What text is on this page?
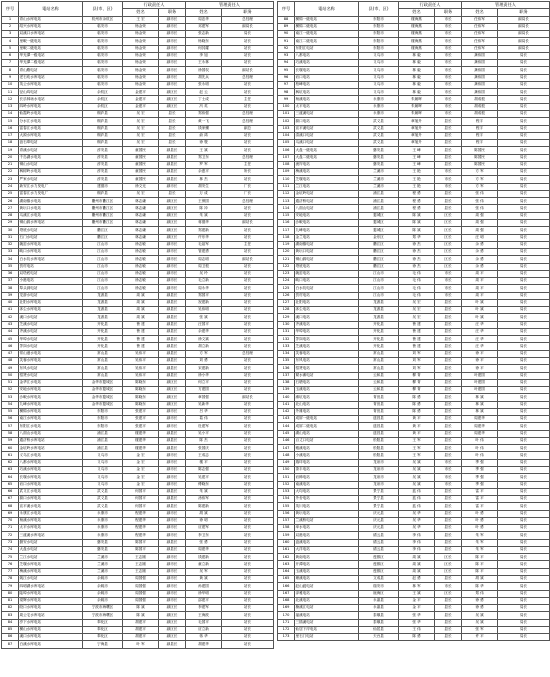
序号	電站名称	县(市、区)	行政责任人		管理责任人	
			姓名	职务	姓名	职务
1	青山水库电站	杭州市余杭区	王 宏	副市长	周忠华	总经理
2	绍兴水库电站	临安市	杨金荣	副市长	邓建军	副局长
3	双溪口水库电站	临安市	杨金荣	副市长	张志新	局长
4	里畈一级电站	临安市	杨金荣	副市长	杨晓东	站长
5	里畈二级电站	临安市	杨金荣	副市长	何其耀	站长
6	华光潭一级电站	临安市	杨金荣	副市长	李 旭	站长
7	华光潭二级电站	临安市	杨金荣	副市长	王永林	站长
8	青山殿电站	临安市	杨金荣	副市长	徐国权	副站长
9	老石坎水库电站	临安市	杨金荣	副市长	胡先兵	总经理
10	英公水库电站	临安市	杨金荣	副市长	张永明	站长
11	径山坞电站	余杭区	金建平	副区长	赵 云	站长
12	长乐林场水电站	余杭区	金建平	副区长	丁士成	主任
13	四岭水库电站	余杭区	金建平	副区长	冯 英	站长
14	仙霞岭水电站	桐庐县	吴 宏	县长	郑伟强	总经理
15	分水江水电站	桐庐县	吴 宏	县长	黄一飞	总经理
16	富春江水电站	桐庐县	吴 宏	县长	钱家骥	副总
17	大源水库电站	桐庐县	吴 宏	县长	俞 鸿	站长
18	浪石埠电站	桐庐县	吴 宏	县长	徐 骏	站长
19	青溪水电站	淳安县	童国民	副县长	王 斌	站长
20	千岛湖水电站	淳安县	童国民	副县长	郑卫东	总经理
21	铜山水电站	淳安县	童国民	副县长	罗 军	主任
22	枫树岭水电站	淳安县	童国民	副县长	余惠平	所长
23	严家水电站	淳安县	童国民	副县长	林 杰	站长
24	新安江水力发电厂	建德市	徐文光	副市长	胡安生	厂长
25	富春江水力发电厂	桐庐县	吴 宏	县长	万 成	厂长
26	湖南镇水电站	衢州市衢江区	林志谦	副区长	王保国	总经理
27	黄坛口水电站	衢州市衢江区	林志谦	副区长	陈 冲	站长
28	乌溪江水电站	衢州市衢江区	林志谦	副区长	朱 斌	站长
29	铜山源水库电站	衢州市衢江区	林志谦	副区长	蒋德华	副站长
30	塔底水电站	衢江区	林志谦	副区长	郑建新	站长
31	石门水电站	衢江区	林志谦	副区长	许东华	站长
32	碗窑水库电站	江山市	徐志敏	副市长	毛祖军	主任
33	峡口水库电站	江山市	徐志敏	副市长	管建勇	站长
34	白水坑水库电站	江山市	徐志敏	副市长	周志明	副站长
35	贺村电站	江山市	徐志敏	副市长	周卫根	站长
36	双塔底电站	江山市	徐志敏	副市长	吴 玲	站长
37	小港电站	江山市	徐志敏	副市长	毛立新	站长
38	犁头洞电站	江山市	徐志敏	副市长	周永华	站长
39	龙游水电站	龙游县	周 斌	副县长	郑国平	站长
40	社阳水库电站	龙游县	周 斌	副县长	祝建新	站长
41	沐尘水库电站	龙游县	周 斌	副县长	吴伟明	站长
42	溪口水电站	龙游县	周 斌	副县长	张 斌	站长
43	芝溪水电站	开化县	鲁 建	副县长	汪国平	站长
44	齐溪水电站	开化县	鲁 建	副县长	余建华	站长
45	华埠水电站	开化县	鲁 建	副县长	徐文斌	站长
46	茅岗水电站	开化县	鲁 建	副县长	胡立新	站长
47	常山港水电站	常山县	吴伟平	副县长	方 军	总经理
48	芙蓉水库电站	常山县	吴伟平	副县长	刘 勇	站长
49	东风水电站	常山县	吴伟平	副县长	宋建新	站长
50	招贤水电站	常山县	吴伟平	副县长	徐小华	站长
51	金华江水电站	金华市婺城区	陈晓东	副区长	何立平	站长
52	安地水库电站	金华市婺城区	陈晓东	副区长	方建国	站长
53	沙畈水库电站	金华市婺城区	陈晓东	副区长	章国强	副站长
54	九峰水库电站	金华市婺城区	陈晓东	副区长	吴新华	站长
55	横锦水库电站	东阳市	张建平	副市长	吕 华	站长
56	南江水库电站	东阳市	张建平	副市长	葛 伟	站长
57	东阳江水电站	东阳市	张建平	副市长	杜建军	站长
58	八面山水电站	浦江县	楼建华	副县长	吴小平	站长
59	通济桥水库电站	浦江县	楼建华	副县长	陈 杰	站长
60	金坑岭水库电站	浦江县	楼建华	副县长	张国庆	站长
61	义乌江水电站	义乌市	金 宏	副市长	王成志	站长
62	八都水库电站	义乌市	金 宏	副市长	楼 平	站长
63	巧溪水库电站	义乌市	金 宏	副市长	陈志强	站长
64	长堰水库电站	义乌市	金 宏	副市长	吴建平	站长
65	岩口水库电站	义乌市	金 宏	副市长	傅晓东	站长
66	武义江水电站	武义县	何国平	副县长	朱 斌	站长
67	源口水库电站	武义县	何国平	副县长	汤伟军	站长
68	宣平溪水电站	武义县	何国平	副县长	陈建新	站长
69	永康江水电站	永康市	程建华	副市长	胡 斌	站长
70	杨溪水库电站	永康市	程建华	副市长	徐 明	站长
71	太平水库电站	永康市	程建华	副市长	应建军	站长
72	三渡溪水库电站	永康市	程建华	副市长	李卫东	站长
73	磐安水电站	磐安县	陈国平	副县长	张 勇	站长
74	大盘水电站	磐安县	陈国平	副县长	周建华	站长
75	兰江水电站	兰溪市	王志刚	副市长	钱建新	站长
76	芝堰水库电站	兰溪市	王志刚	副市长	童立新	站长
77	梅溪水库电站	兰溪市	王志刚	副市长	吴 军	站长
78	姚江水电站	余姚市	周国强	副市长	黄 斌	站长
79	四明湖水库电站	余姚市	周国强	副市长	孙建国	站长
80	陆埠水库电站	余姚市	周国强	副市长	徐华明	站长
81	梁辉水库电站	余姚市	周国强	副市长	邵建平	站长
82	皎口水库电站	宁波市海曙区	陈 斌	副区长	李建军	站长
83	周公宅水库电站	宁波市海曙区	陈 斌	副区长	王海波	站长
84	亭下水库电站	奉化区	胡建平	副区长	毛国平	站长
85	横山水库电站	奉化区	胡建平	副区长	应立新	站长
86	溪口水库电站	奉化区	胡建平	副区长	蒋 华	站长
87	白溪水库电站	宁海县	叶 军	副县长	胡建华	站长
序号	電站名称	县(市、区)	行政责任人		管理责任人	
			姓名	职务	姓名	职务
88	横锦一级电站	东阳市	楼海燕	市长	任伟军	副局长
89	横锦二级电站	东阳市	楼海燕	市长	任伟军	副局长
90	南江一级电站	东阳市	楼海燕	市长	任伟军	副局长
91	南江二级电站	东阳市	楼海燕	市长	任伟军	副局长
92	东阳江电站	东阳市	楼海燕	市长	任伟军	副局长
93	八都电站	义乌市	林 毅	市长	龚伟国	局长
94	巧溪电站	义乌市	林 毅	市长	龚伟国	局长
95	长堰电站	义乌市	林 毅	市长	龚伟国	局长
96	岩口电站	义乌市	林 毅	市长	龚伟国	局长
97	柏峰电站	义乌市	林 毅	市长	龚伟国	局长
98	枫坑电站	义乌市	林 毅	市长	龚伟国	局长
99	杨溪电站	永康市	朱朝晖	市长	胡成根	局长
100	太平电站	永康市	朱朝晖	市长	胡成根	局长
101	三渡溪电站	永康市	朱朝晖	市长	胡成根	局长
102	源口电站	武义县	章旭升	县长	程宇	局长
103	宣平溪电站	武义县	章旭升	县长	程宇	局长
104	清溪口电站	武义县	章旭升	县长	程宇	局长
105	乌溪口电站	武义县	章旭升	县长	程宇	局长
106	大盘一级电站	磐安县	王 峰	县长	陈国民	局长
107	大盘二级电站	磐安县	王 峰	县长	陈国民	局长
108	流岸电站	磐安县	王 峰	县长	陈国民	局长
109	梅溪电站	兰溪市	王 艳	市长	方 军	局长
110	芝堰电站	兰溪市	王 艳	市长	方 军	局长
111	兰江电站	兰溪市	王 艳	市长	方 军	局长
112	金坑岭电站	浦江县	程 勇	县长	张 伟	局长
113	通济桥电站	浦江县	程 勇	县长	张 伟	局长
114	八面山电站	浦江县	程 勇	县长	张 伟	局长
115	安地电站	婺城区	陈 斌	区长	周 强	局长
116	沙畈电站	婺城区	陈 斌	区长	周 强	局长
117	九峰电站	婺城区	陈 斌	区长	周 强	局长
118	金兰电站	金东区	郑 华	区长	汪 明	局长
119	湖南镇电站	衢江区	徐 杰	区长	余 勇	局长
120	黄坛口电站	衢江区	徐 杰	区长	余 勇	局长
121	铜山源电站	衢江区	徐 杰	区长	余 勇	局长
122	塔底电站	衢江区	徐 杰	区长	余 勇	局长
123	碗窑电站	江山市	毛 伟	市长	周 平	局长
124	峡口电站	江山市	毛 伟	市长	周 平	局长
125	白水坑电站	江山市	毛 伟	市长	周 平	局长
126	贺村电站	江山市	毛 伟	市长	周 平	局长
127	社阳电站	龙游县	吴 宏	县长	叶 斌	局长
128	沐尘电站	龙游县	吴 宏	县长	叶 斌	局长
129	溪口电站	龙游县	吴 宏	县长	叶 斌	局长
130	齐溪电站	开化县	鲁 建	县长	汪 华	局长
131	华埠电站	开化县	鲁 建	县长	汪 华	局长
132	茅岗电站	开化县	鲁 建	县长	汪 华	局长
133	芝溪电站	开化县	鲁 建	县长	汪 华	局长
134	芙蓉电站	常山县	刘 军	县长	徐 平	局长
135	东风电站	常山县	刘 军	县长	徐 平	局长
136	招贤电站	常山县	刘 军	县长	徐 平	局长
137	紧水滩电站	云和县	柳 青	县长	叶建国	局长
138	石塘电站	云和县	柳 青	县长	叶建国	局长
139	玉溪电站	云和县	柳 青	县长	叶建国	局长
140	滩坑电站	青田县	陈 勇	县长	林 斌	局长
141	北山电站	青田县	陈 勇	县长	林 斌	局长
142	外雄电站	青田县	陈 勇	县长	林 斌	局长
143	成屏一级电站	遂昌县	黄 平	县长	周建华	局长
144	成屏二级电站	遂昌县	黄 平	县长	周建华	局长
145	湖山电站	遂昌县	黄 平	县长	周建华	局长
146	百丈口电站	松阳县	王 军	县长	叶 伟	局长
147	雅溪电站	松阳县	王 军	县长	叶 伟	局长
148	小溪电站	松阳县	王 军	县长	叶 伟	局长
149	瑞垟电站	龙泉市	吴 斌	市长	季 强	局长
150	茶丰电站	龙泉市	吴 斌	市长	季 强	局长
151	岩樟电站	龙泉市	吴 斌	市长	季 强	局长
152	南溪电站	龙泉市	吴 斌	市长	季 强	局长
153	大均电站	景宁县	蓝 伟	县长	雷 平	局长
154	外舍电站	景宁县	蓝 伟	县长	雷 平	局长
155	英川电站	景宁县	蓝 伟	县长	雷 平	局长
156	黄坛电站	庆元县	吴 华	县长	叶 勇	局长
157	兰溪桥电站	庆元县	吴 华	县长	叶 勇	局长
158	举水电站	庆元县	吴 华	县长	叶 勇	局长
159	双港电站	缙云县	李 伟	县长	朱 军	局长
160	盘溪电站	缙云县	李 伟	县长	朱 军	局长
161	大洋电站	缙云县	李 伟	县长	朱 军	局长
162	黄南电站	莲都区	周 斌	区长	陈 平	局长
163	开潭电站	莲都区	周 斌	区长	陈 平	局长
164	玉溪电站	莲都区	周 斌	区长	陈 平	局长
165	珊溪电站	文成县	赵 勇	县长	胡 斌	局长
166	赵山渡电站	瑞安市	林 军	市长	陈 华	局长
167	泽雅电站	瓯海区	王 斌	区长	郑 伟	局长
168	北溪电站	永嘉县	金 平	县长	徐 勇	局长
169	楠溪江电站	永嘉县	金 平	县长	徐 勇	局长
170	福溪电站	泰顺县	张 华	县长	吴 斌	局长
171	三插溪电站	泰顺县	张 华	县长	吴 斌	局长
172	仙居下岸电站	仙居县	王 伟	县长	张 军	局长
173	里石门电站	天台县	陈 勇	县长	许 平	局长
